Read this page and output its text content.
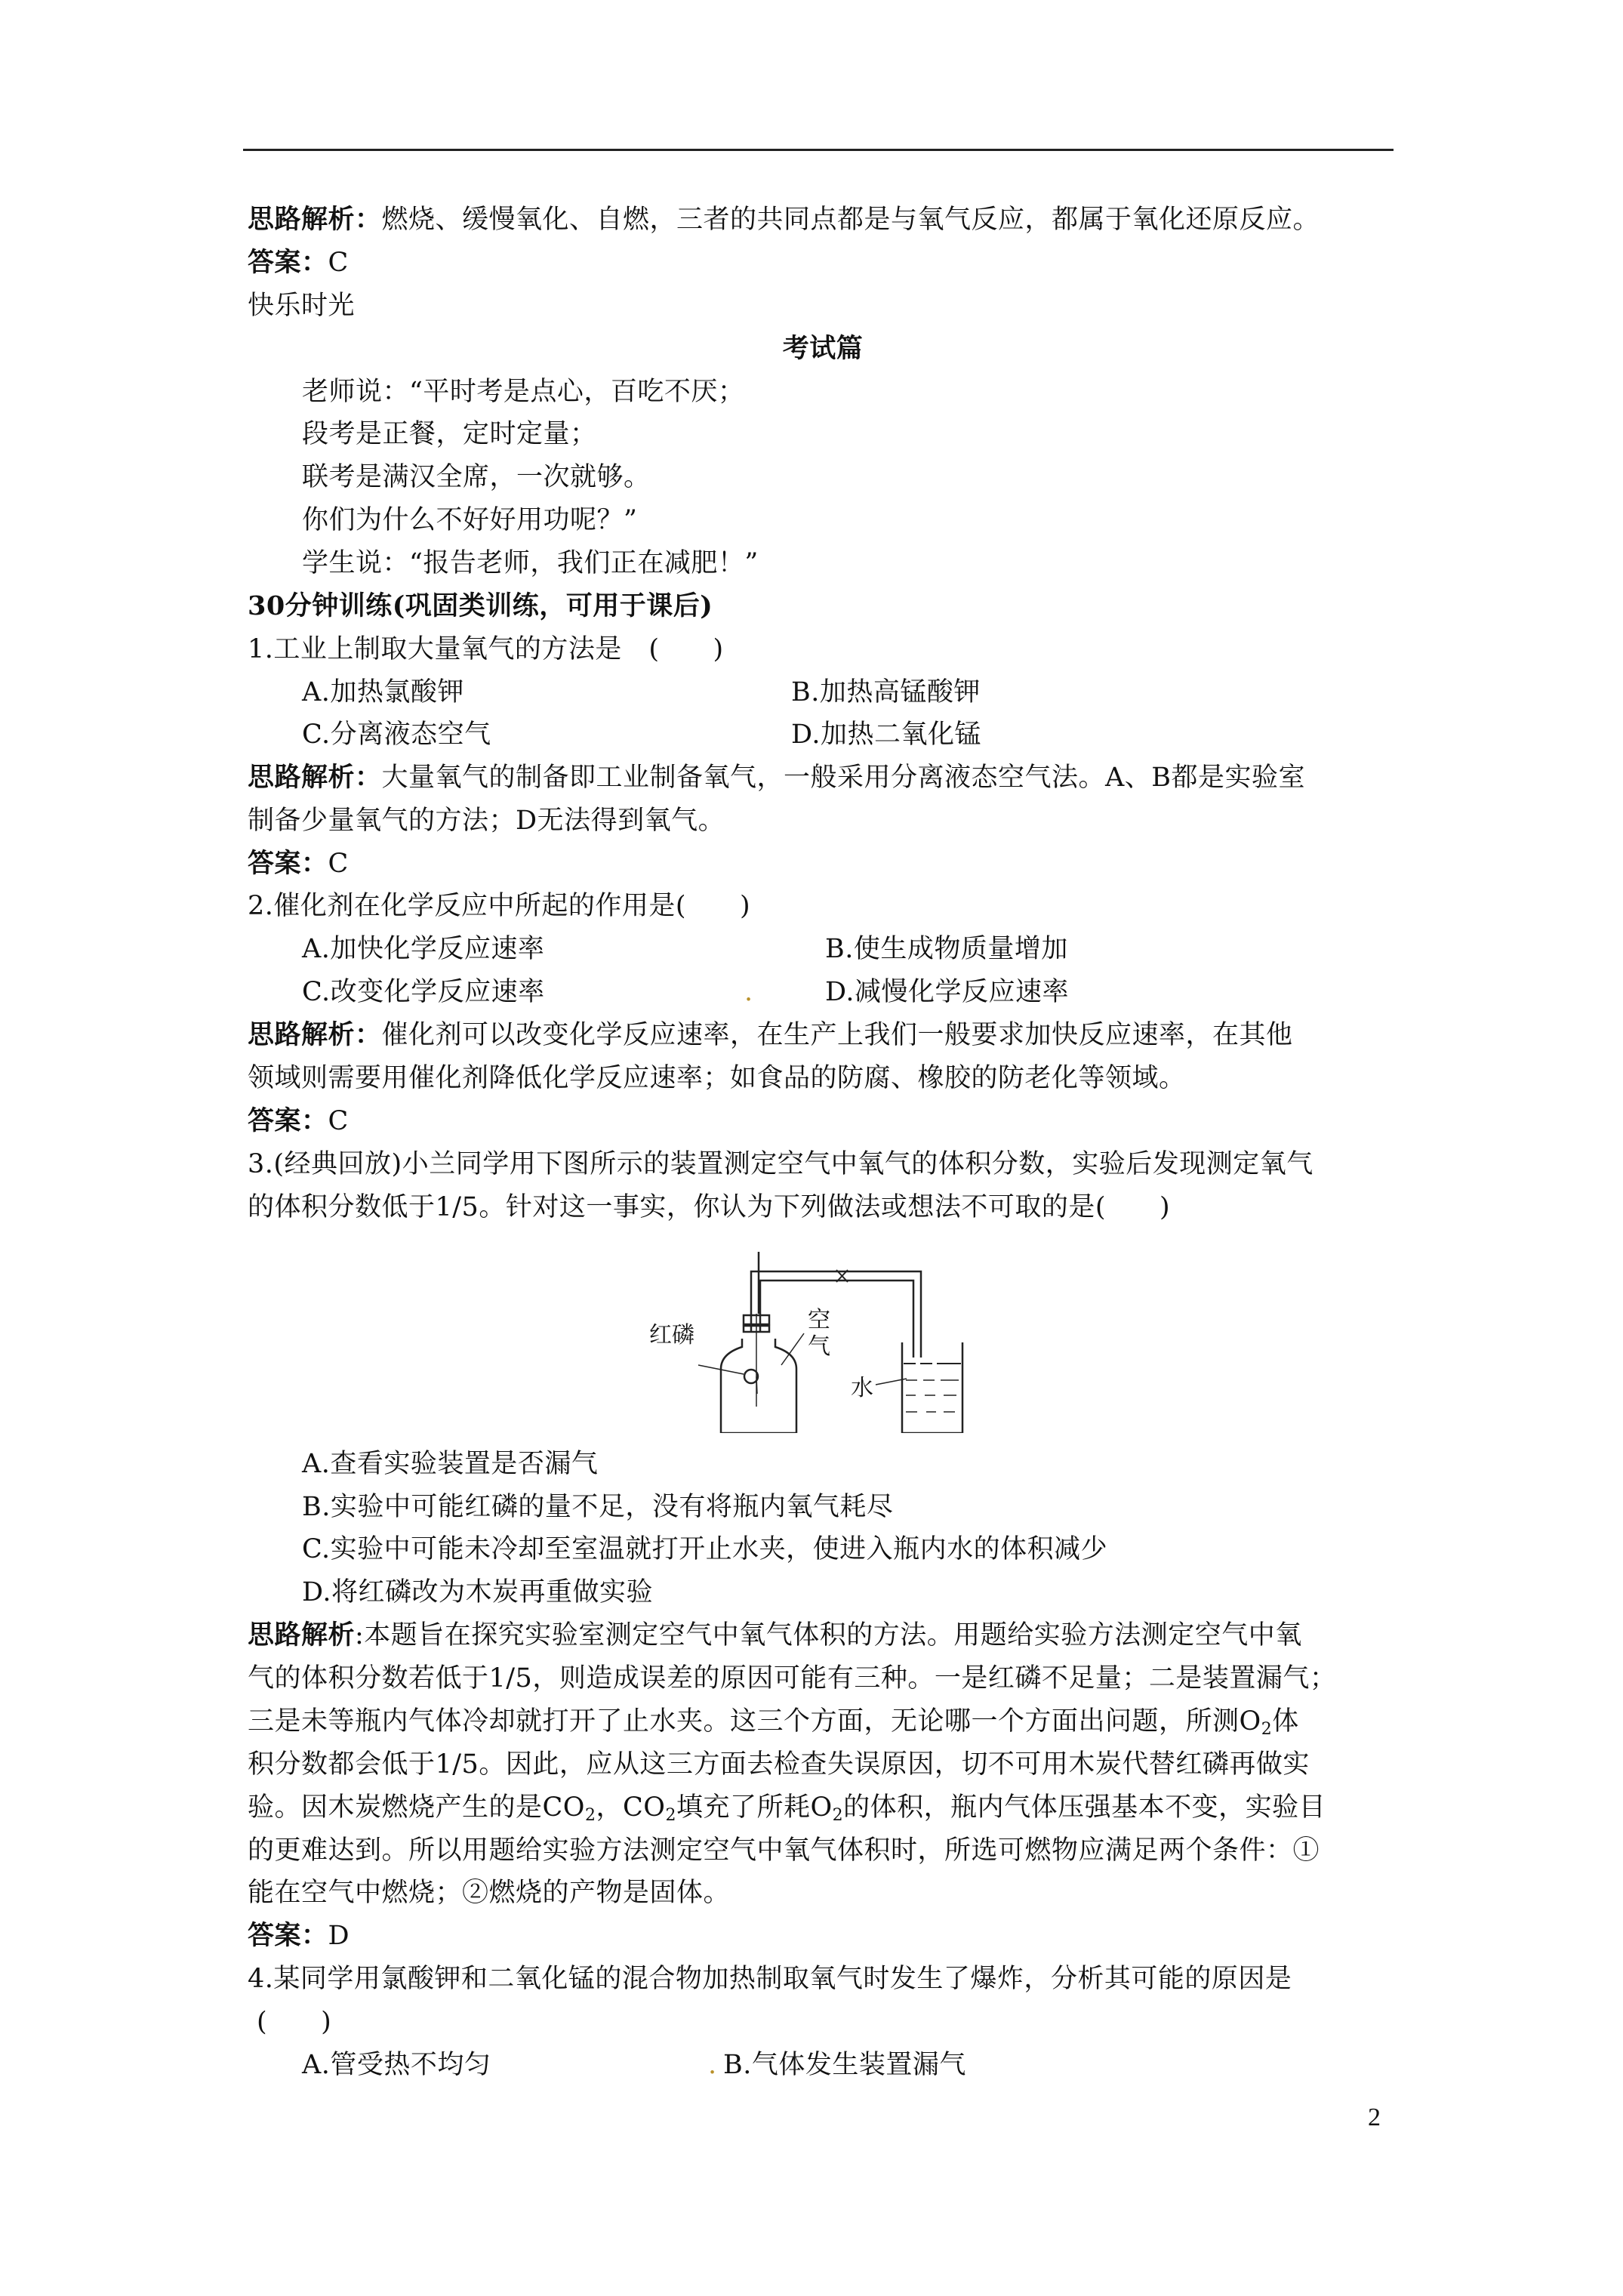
思路解析：燃烧、缓慢氧化、自燃，三者的共同点都是与氧气反应，都属于氧化还原反应。
答案：C
快乐时光
考试篇
老师说：“平时考是点心，百吃不厌；
段考是正餐，定时定量；
联考是满汉全席，一次就够。
你们为什么不好好用功呢？”
学生说：“报告老师，我们正在减肥！”
30分钟训练(巩固类训练，可用于课后)
1.工业上制取大量氧气的方法是　(　　)
A.加热氯酸钾	B.加热高锰酸钾
C.分离液态空气	D.加热二氧化锰
思路解析：大量氧气的制备即工业制备氧气，一般采用分离液态空气法。A、B都是实验室
制备少量氧气的方法；D无法得到氧气。
答案：C
2.催化剂在化学反应中所起的作用是(　　)
A.加快化学反应速率	B.使生成物质量增加
C.改变化学反应速率	.	D.减慢化学反应速率
思路解析：催化剂可以改变化学反应速率，在生产上我们一般要求加快反应速率，在其他
领域则需要用催化剂降低化学反应速率；如食品的防腐、橡胶的防老化等领域。
答案：C
3.(经典回放)小兰同学用下图所示的装置测定空气中氧气的体积分数，实验后发现测定氧气
的体积分数低于1/5。针对这一事实，你认为下列做法或想法不可取的是(　　)
红磷
空
气
水
A.查看实验装置是否漏气
B.实验中可能红磷的量不足，没有将瓶内氧气耗尽
C.实验中可能未冷却至室温就打开止水夹，使进入瓶内水的体积减少
D.将红磷改为木炭再重做实验
思路解析:本题旨在探究实验室测定空气中氧气体积的方法。用题给实验方法测定空气中氧
气的体积分数若低于1/5，则造成误差的原因可能有三种。一是红磷不足量；二是装置漏气；
三是未等瓶内气体冷却就打开了止水夹。这三个方面，无论哪一个方面出问题，所测$O_2$体
积分数都会低于1/5。因此，应从这三方面去检查失误原因，切不可用木炭代替红磷再做实
验。因木炭燃烧产生的是$CO_2$，$CO_2$填充了所耗$O_2$的体积，瓶内气体压强基本不变，实验目
的更难达到。所以用题给实验方法测定空气中氧气体积时，所选可燃物应满足两个条件：①
能在空气中燃烧；②燃烧的产物是固体。
答案：D
4.某同学用氯酸钾和二氧化锰的混合物加热制取氧气时发生了爆炸，分析其可能的原因是
(　　)
A.管受热不均匀	. B.气体发生装置漏气
2
